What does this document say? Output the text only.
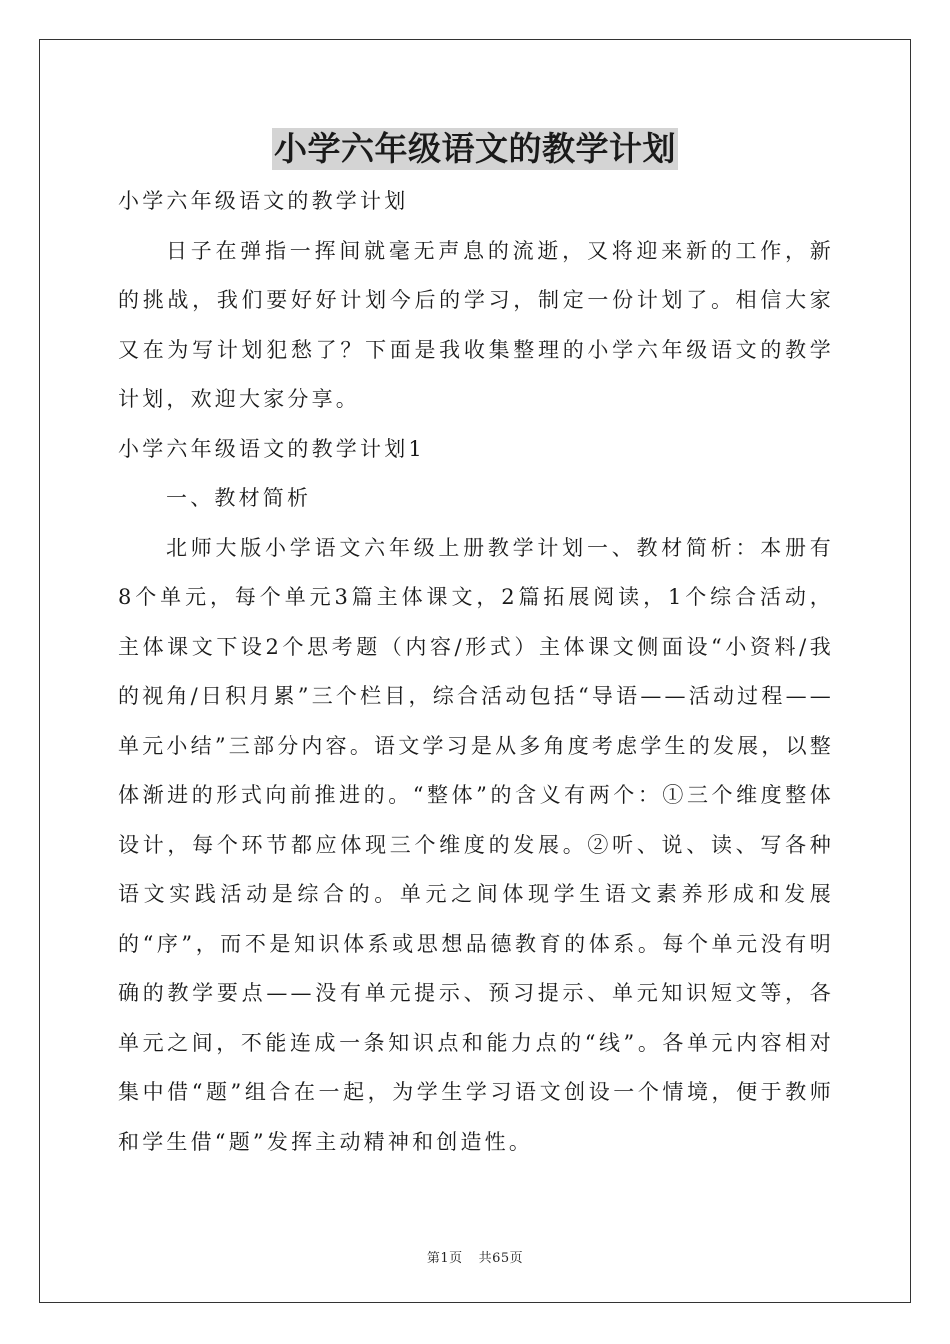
小学六年级语文的教学计划

小学六年级语文的教学计划

日子在弹指一挥间就毫无声息的流逝，又将迎来新的工作，新的挑战，我们要好好计划今后的学习，制定一份计划了。相信大家又在为写计划犯愁了？下面是我收集整理的小学六年级语文的教学计划，欢迎大家分享。

小学六年级语文的教学计划1

一、教材简析

北师大版小学语文六年级上册教学计划一、教材简析：本册有8个单元，每个单元3篇主体课文，2篇拓展阅读，1个综合活动，主体课文下设2个思考题（内容/形式）主体课文侧面设“小资料/我的视角/日积月累”三个栏目，综合活动包括“导语——活动过程——单元小结”三部分内容。语文学习是从多角度考虑学生的发展，以整体渐进的形式向前推进的。“整体”的含义有两个：①三个维度整体设计，每个环节都应体现三个维度的发展。②听、说、读、写各种语文实践活动是综合的。单元之间体现学生语文素养形成和发展的“序”，而不是知识体系或思想品德教育的体系。每个单元没有明确的教学要点——没有单元提示、预习提示、单元知识短文等，各单元之间，不能连成一条知识点和能力点的“线”。各单元内容相对集中借“题”组合在一起，为学生学习语文创设一个情境，便于教师和学生借“题”发挥主动精神和创造性。

第1页 共65页
